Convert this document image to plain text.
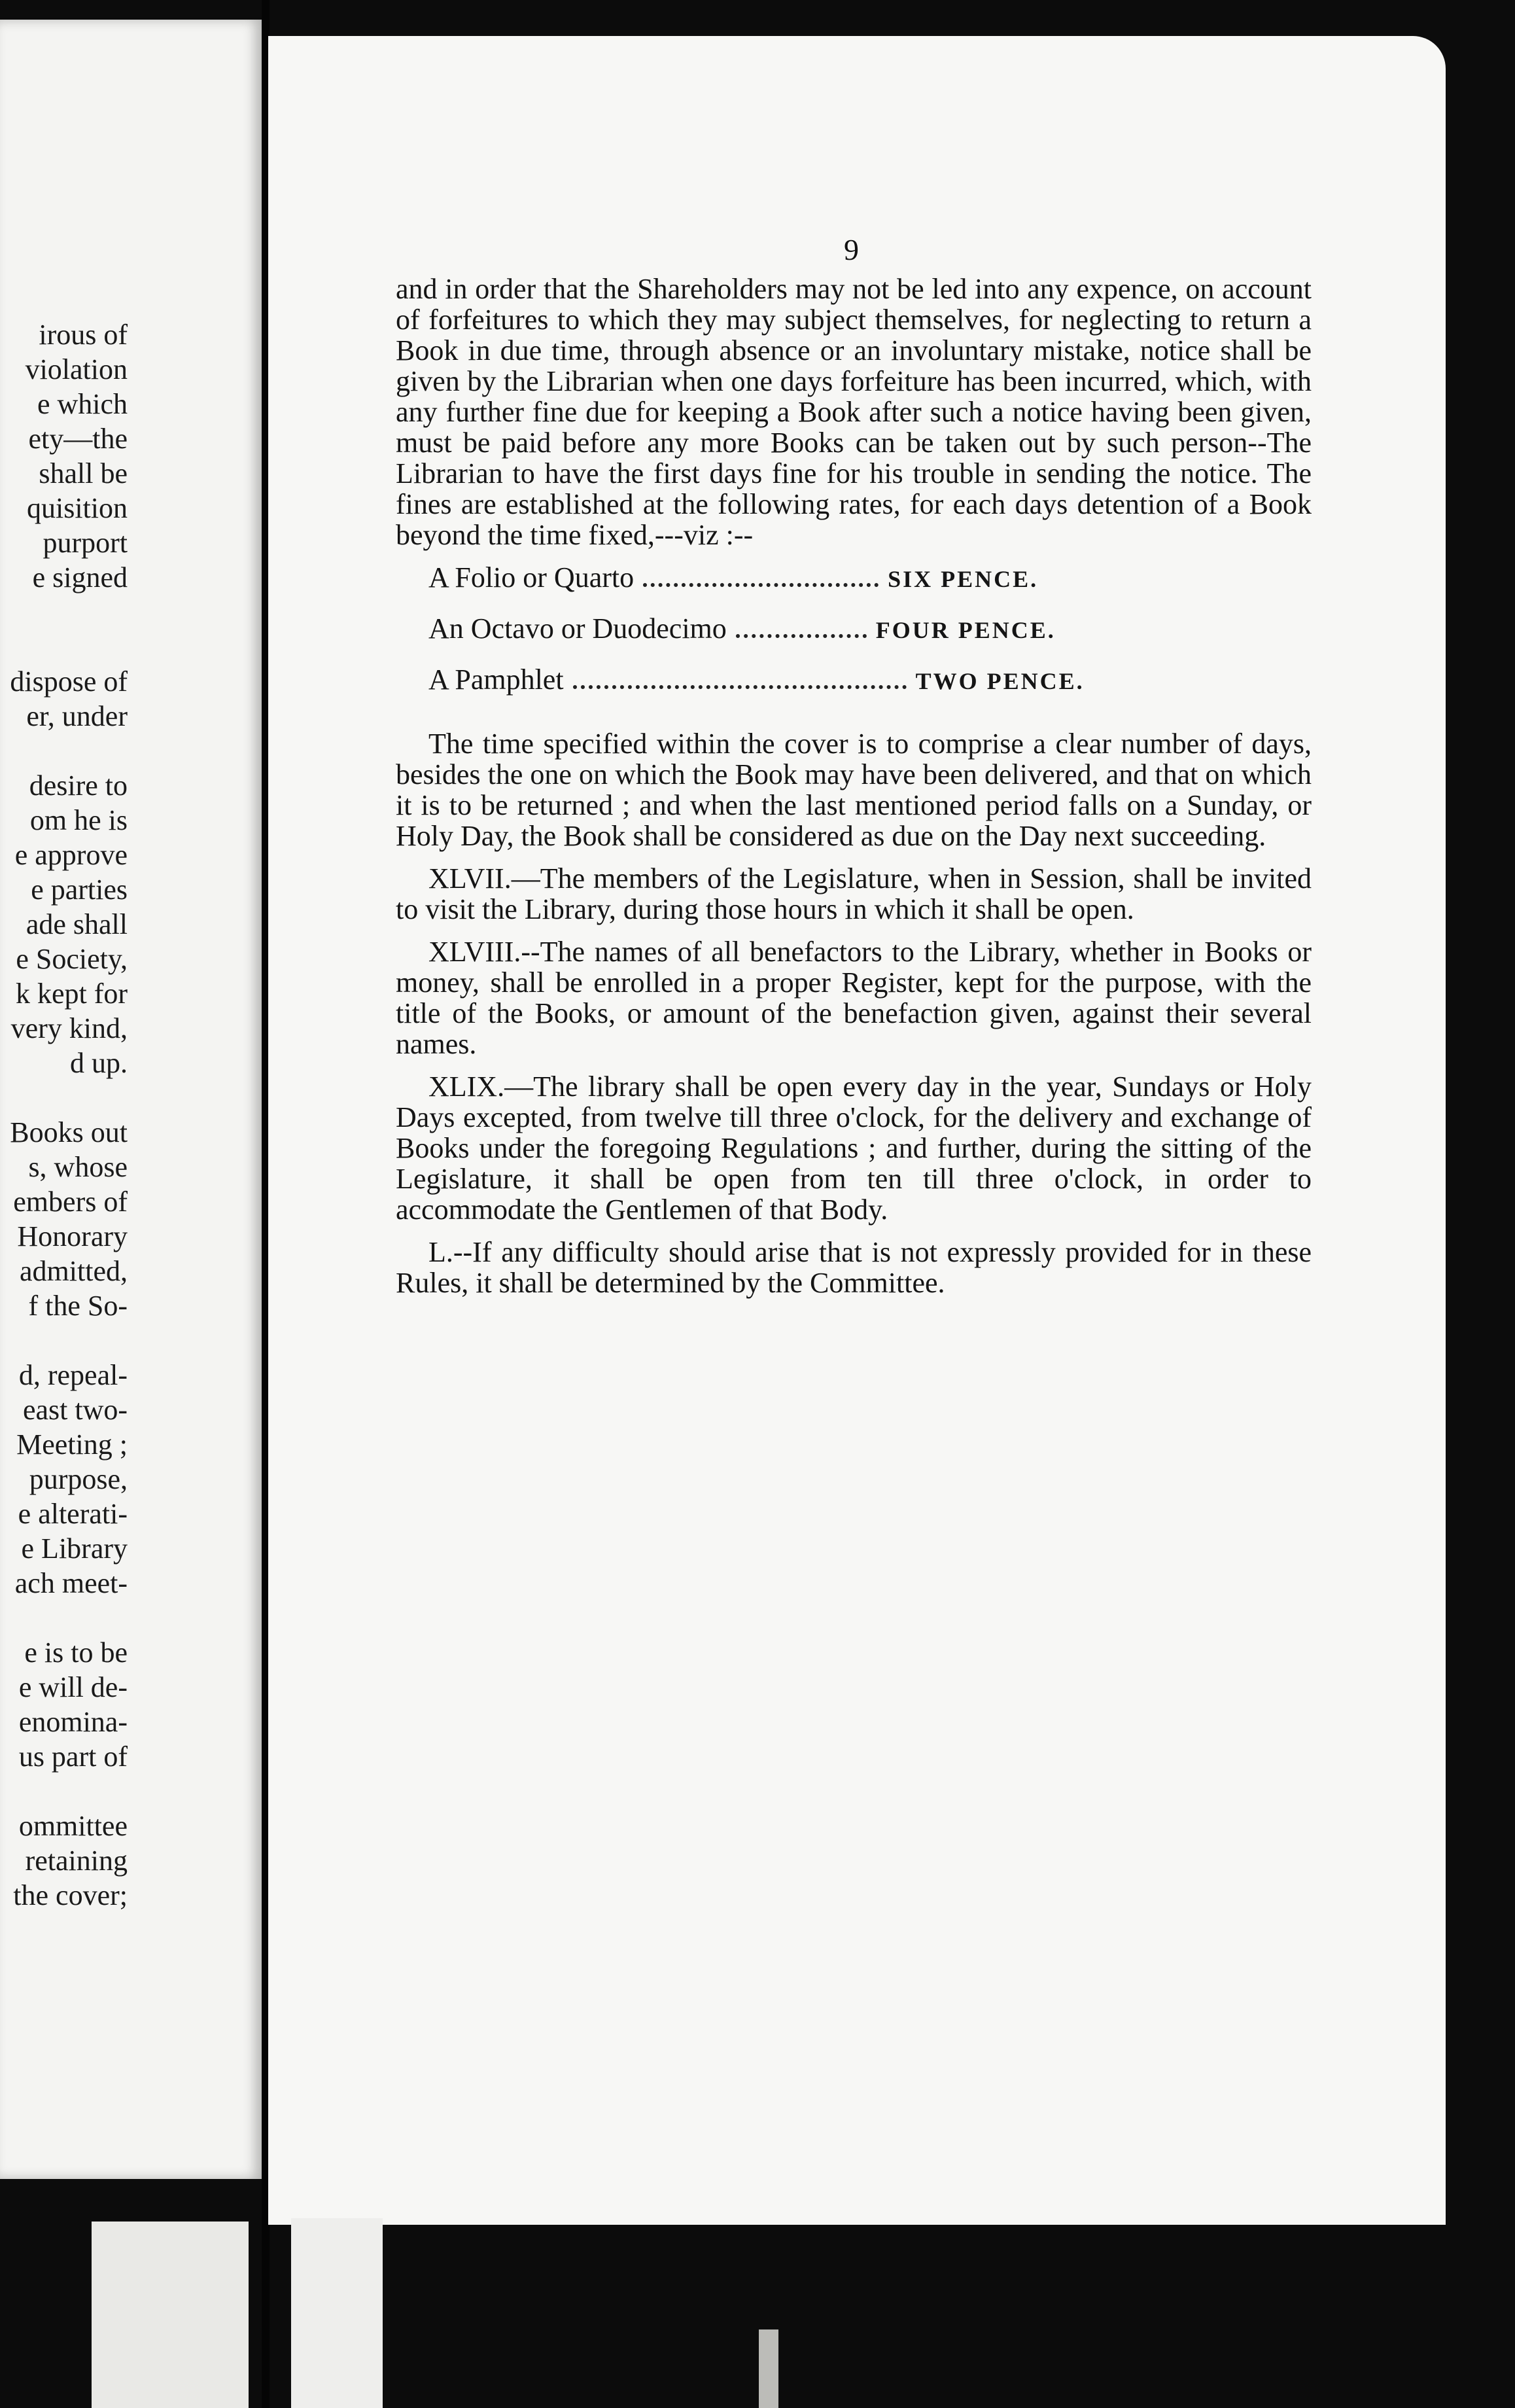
irous of
violation
e which
ety—the
shall be
quisition
purport
e signed

dispose of
er, under

desire to
om he is
e approve
e parties
ade shall
e Society,
k kept for
very kind,
d up.

Books out
s, whose
embers of
Honorary
admitted,
f the So-

d, repeal-
east two-
Meeting ;
purpose,
e alterati-
e Library
ach meet-

e is to be
e will de-
enomina-
us part of

ommittee
retaining
the cover;
9

and in order that the Shareholders may not be led into any expence, on account of forfeitures to which they may subject themselves, for neglecting to return a Book in due time, through absence or an involuntary mistake, notice shall be given by the Librarian when one days forfeiture has been incurred, which, with any further fine due for keeping a Book after such a notice having been given, must be paid before any more Books can be taken out by such person--The Librarian to have the first days fine for his trouble in sending the notice. The fines are established at the following rates, for each days detention of a Book beyond the time fixed,---viz :--

A Folio or Quarto	SIX PENCE.
An Octavo or Duodecimo	FOUR PENCE.
A Pamphlet	TWO PENCE.

The time specified within the cover is to comprise a clear number of days, besides the one on which the Book may have been delivered, and that on which it is to be returned ; and when the last mentioned period falls on a Sunday, or Holy Day, the Book shall be considered as due on the Day next succeeding.

XLVII.—The members of the Legislature, when in Session, shall be invited to visit the Library, during those hours in which it shall be open.

XLVIII.--The names of all benefactors to the Library, whether in Books or money, shall be enrolled in a proper Register, kept for the purpose, with the title of the Books, or amount of the benefaction given, against their several names.

XLIX.—The library shall be open every day in the year, Sundays or Holy Days excepted, from twelve till three o'clock, for the delivery and exchange of Books under the foregoing Regulations ; and further, during the sitting of the Legislature, it shall be open from ten till three o'clock, in order to accommodate the Gentlemen of that Body.

L.--If any difficulty should arise that is not expressly provided for in these Rules, it shall be determined by the Committee.
